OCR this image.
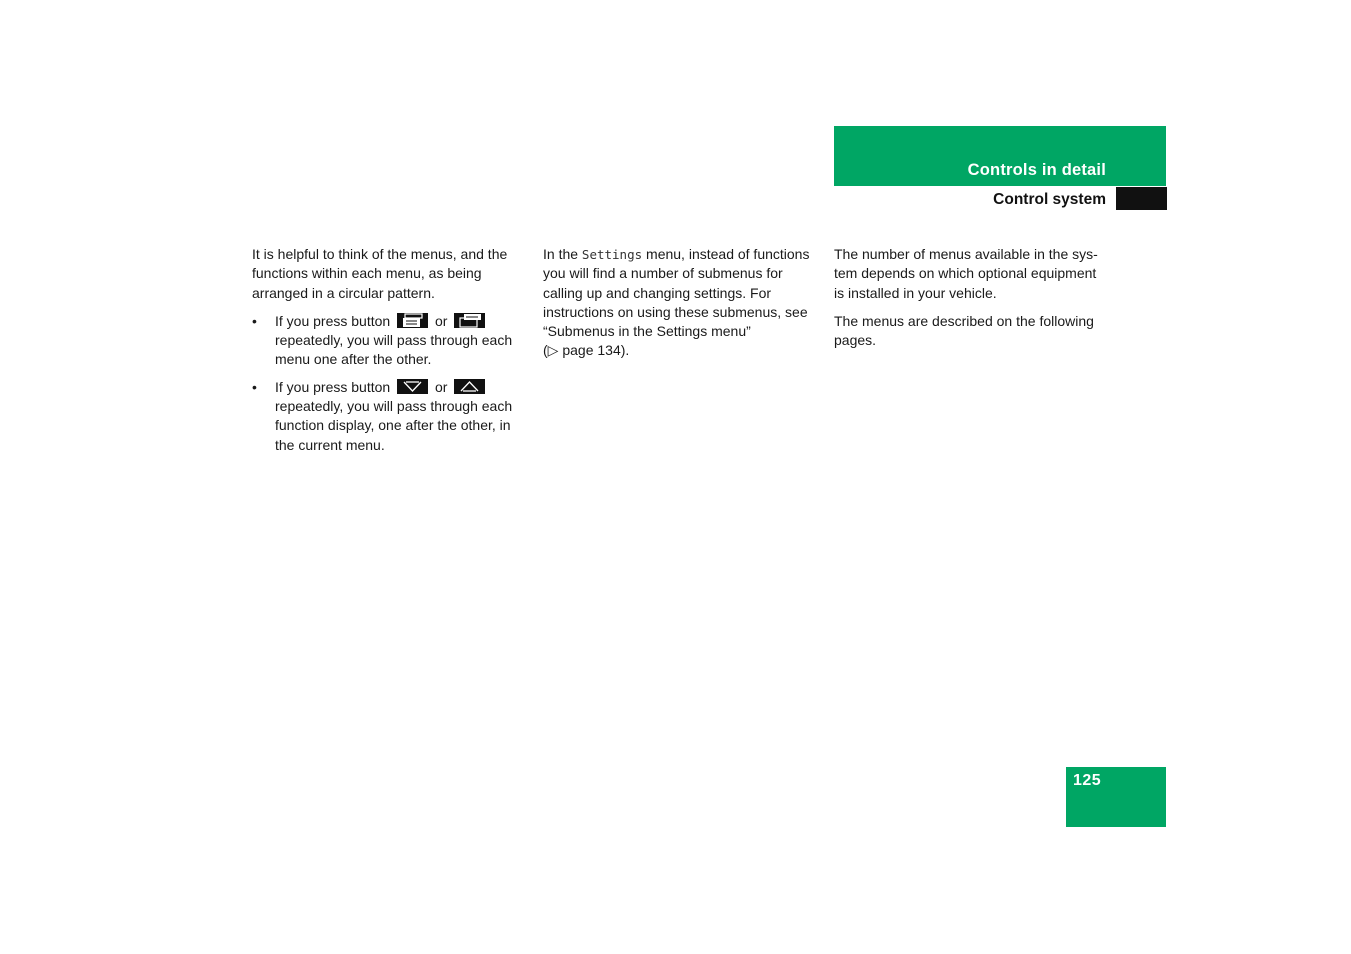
Controls in detail
Control system

It is helpful to think of the menus, and the functions within each menu, as being arranged in a circular pattern.

• If you press button	or
repeatedly, you will pass through each menu one after the other.
• If you press button	or
repeatedly, you will pass through each function display, one after the other, in the current menu.

In the Settings menu, instead of functions you will find a number of submenus for calling up and changing settings. For instructions on using these submenus, see “Submenus in the Settings menu”
(▷ page 134).

The number of menus available in the sys-tem depends on which optional equipment is installed in your vehicle.

The menus are described on the following pages.

125
